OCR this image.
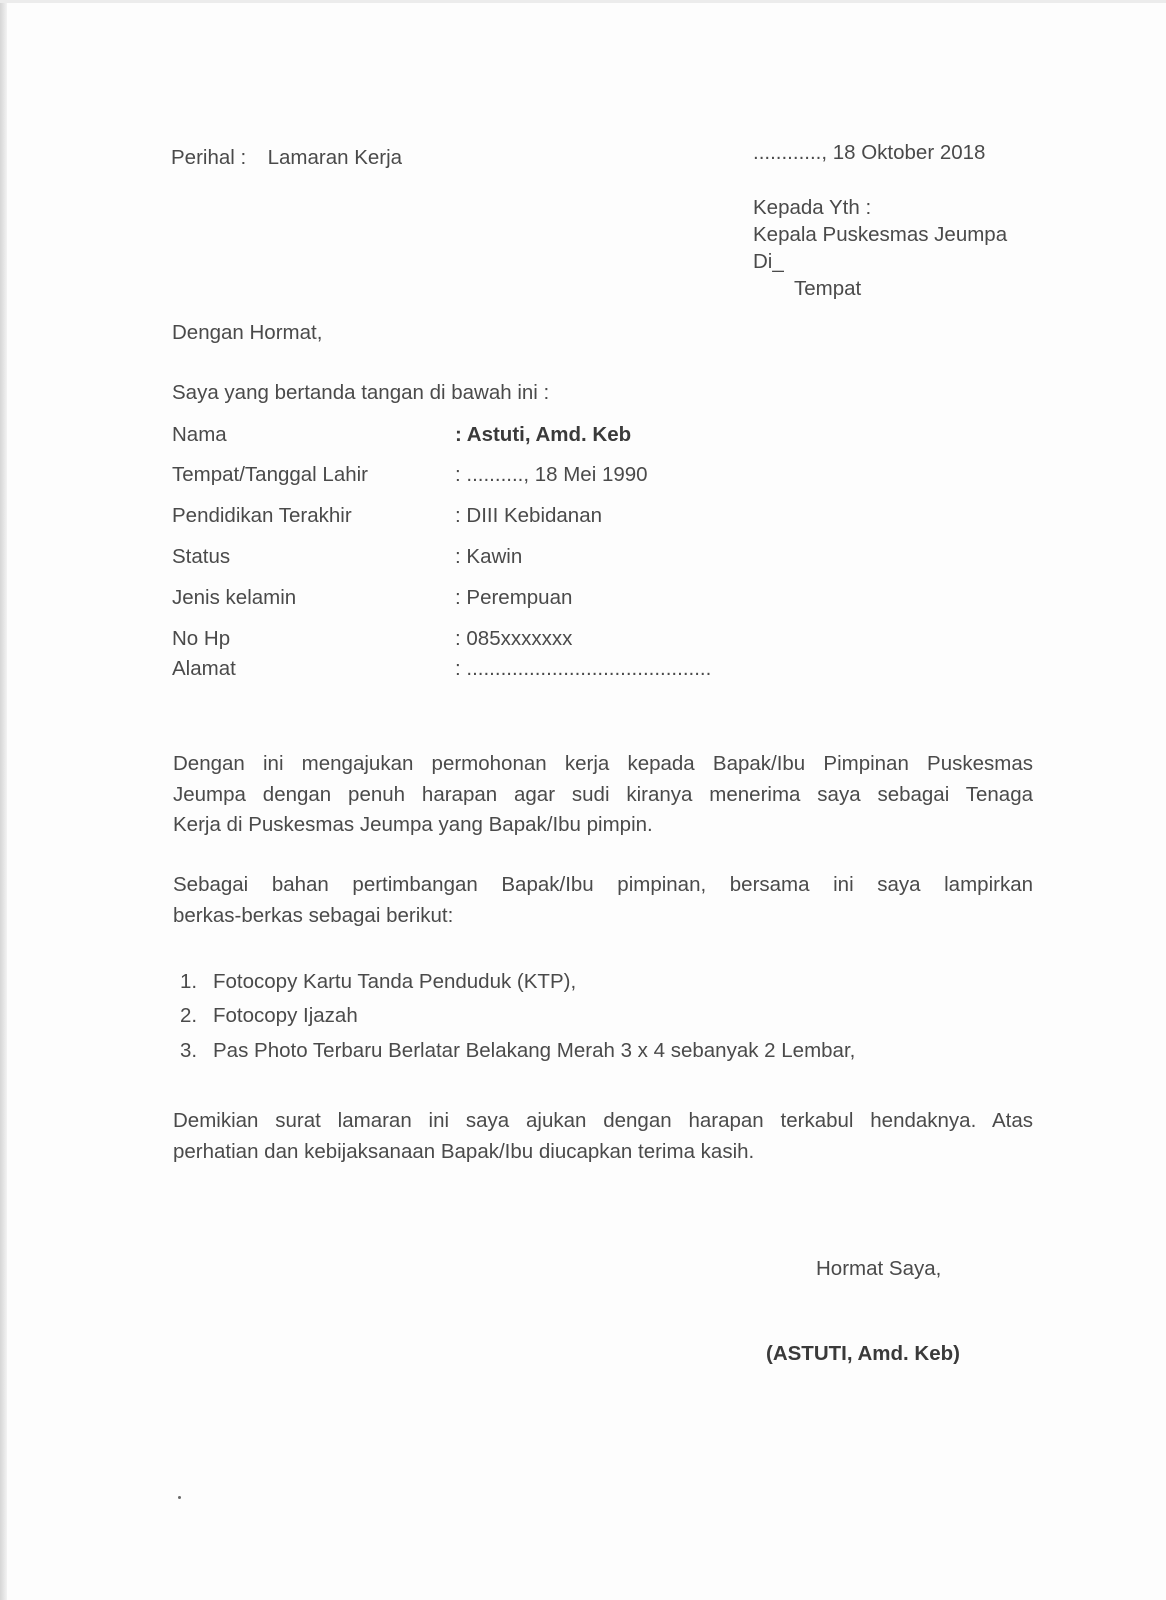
Perihal : Lamaran Kerja	............, 18 Oktober 2018
Kepada Yth :
Kepala Puskesmas Jeumpa
Di_
Tempat
Dengan Hormat,
Saya yang bertanda tangan di bawah ini :
Nama	: Astuti, Amd. Keb
Tempat/Tanggal Lahir	: .........., 18 Mei 1990
Pendidikan Terakhir	: DIII Kebidanan
Status	: Kawin
Jenis kelamin	: Perempuan
No Hp	: 085xxxxxxx
Alamat	: ...........................................
Dengan ini mengajukan permohonan kerja kepada Bapak/Ibu Pimpinan Puskesmas
Jeumpa dengan penuh harapan agar sudi kiranya menerima saya sebagai Tenaga
Kerja di Puskesmas Jeumpa yang Bapak/Ibu pimpin.
Sebagai bahan pertimbangan Bapak/Ibu pimpinan, bersama ini saya lampirkan
berkas-berkas sebagai berikut:
1. Fotocopy Kartu Tanda Penduduk (KTP),
2. Fotocopy Ijazah
3. Pas Photo Terbaru Berlatar Belakang Merah 3 x 4 sebanyak 2 Lembar,
Demikian surat lamaran ini saya ajukan dengan harapan terkabul hendaknya. Atas
perhatian dan kebijaksanaan Bapak/Ibu diucapkan terima kasih.
Hormat Saya,
(ASTUTI, Amd. Keb)
